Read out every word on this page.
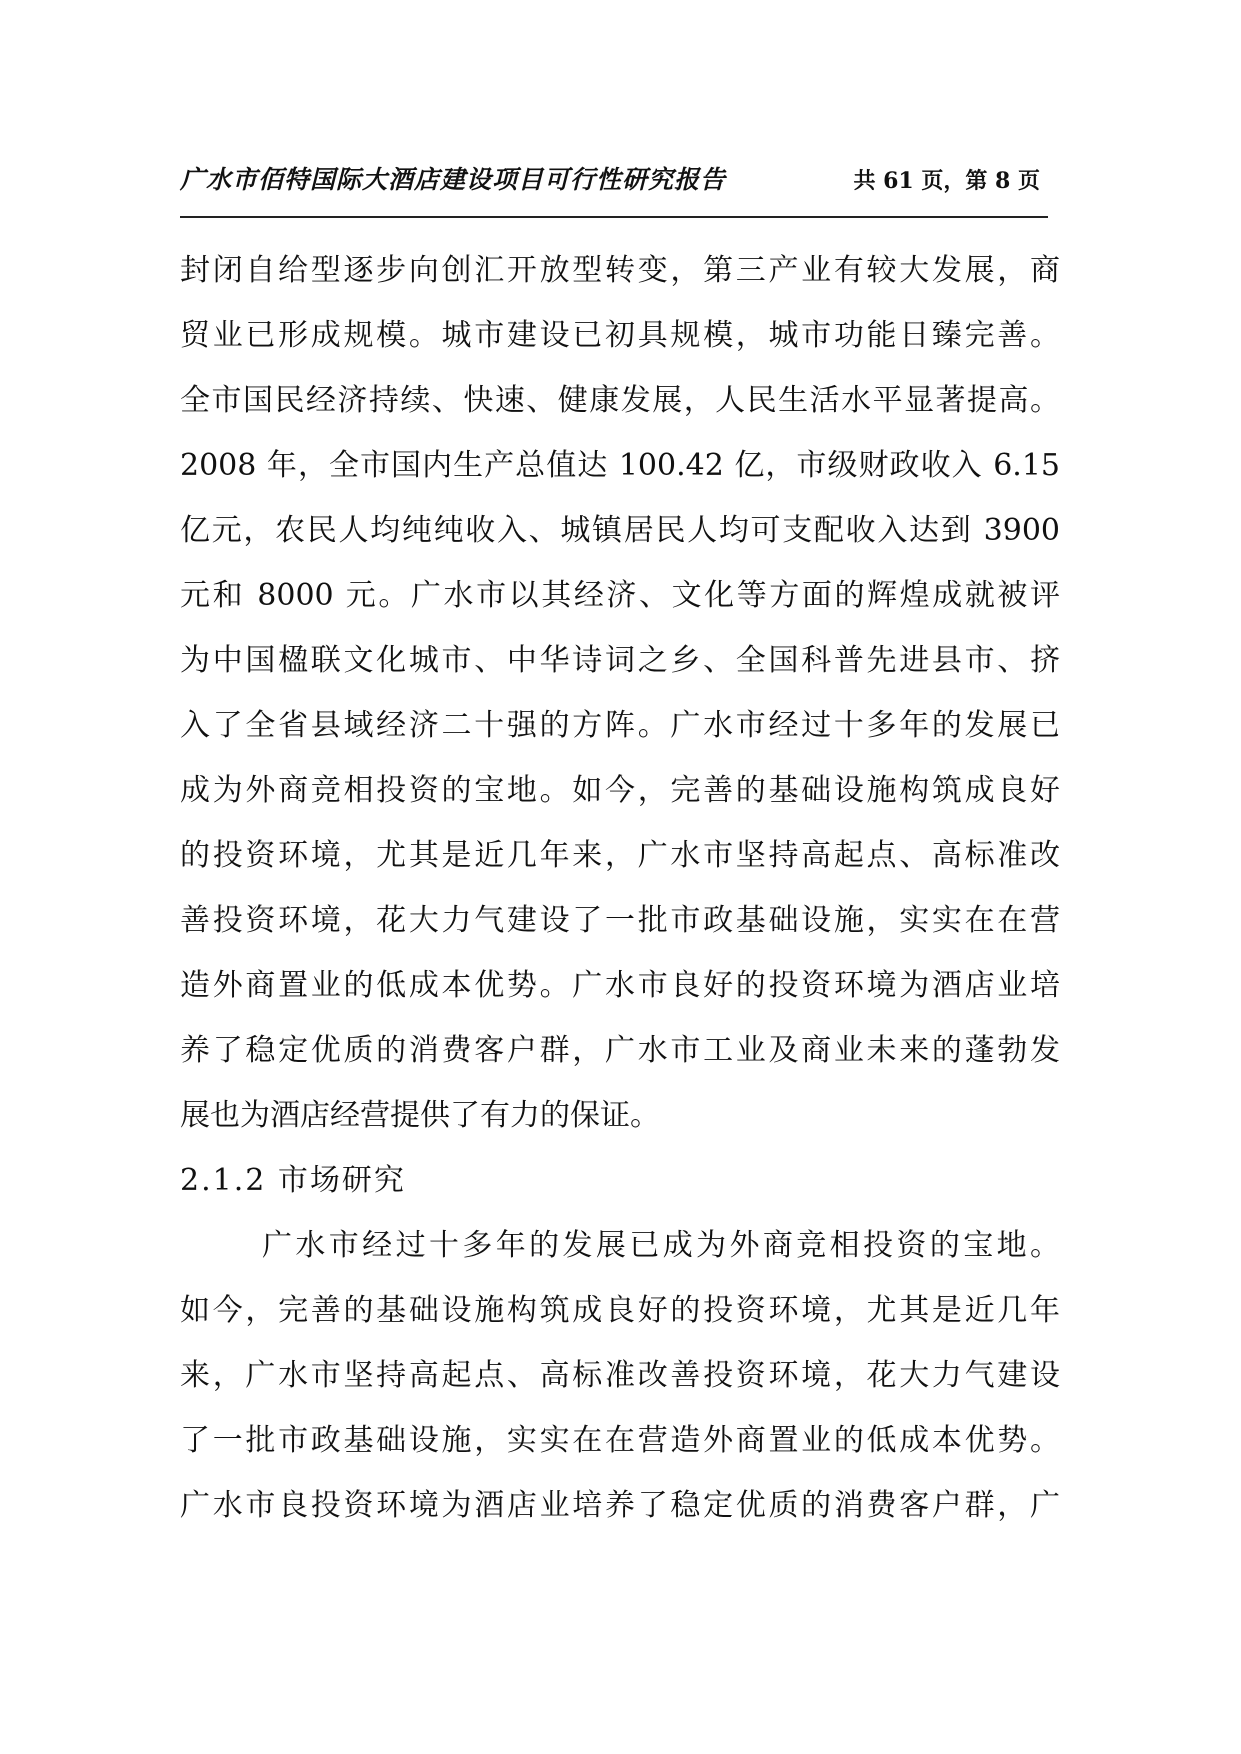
广水市佰特国际大酒店建设项目可行性研究报告	共 61 页，第 8 页
封闭自给型逐步向创汇开放型转变，第三产业有较大发展，商
贸业已形成规模。城市建设已初具规模，城市功能日臻完善。
全市国民经济持续、快速、健康发展，人民生活水平显著提高。
2008 年，全市国内生产总值达 100.42 亿，市级财政收入 6.15
亿元，农民人均纯纯收入、城镇居民人均可支配收入达到 3900
元和 8000 元。广水市以其经济、文化等方面的辉煌成就被评
为中国楹联文化城市、中华诗词之乡、全国科普先进县市、挤
入了全省县域经济二十强的方阵。广水市经过十多年的发展已
成为外商竞相投资的宝地。如今，完善的基础设施构筑成良好
的投资环境，尤其是近几年来，广水市坚持高起点、高标准改
善投资环境，花大力气建设了一批市政基础设施，实实在在营
造外商置业的低成本优势。广水市良好的投资环境为酒店业培
养了稳定优质的消费客户群，广水市工业及商业未来的蓬勃发
展也为酒店经营提供了有力的保证。
2.1.2 市场研究
广水市经过十多年的发展已成为外商竞相投资的宝地。
如今，完善的基础设施构筑成良好的投资环境，尤其是近几年
来，广水市坚持高起点、高标准改善投资环境，花大力气建设
了一批市政基础设施，实实在在营造外商置业的低成本优势。
广水市良投资环境为酒店业培养了稳定优质的消费客户群，广
